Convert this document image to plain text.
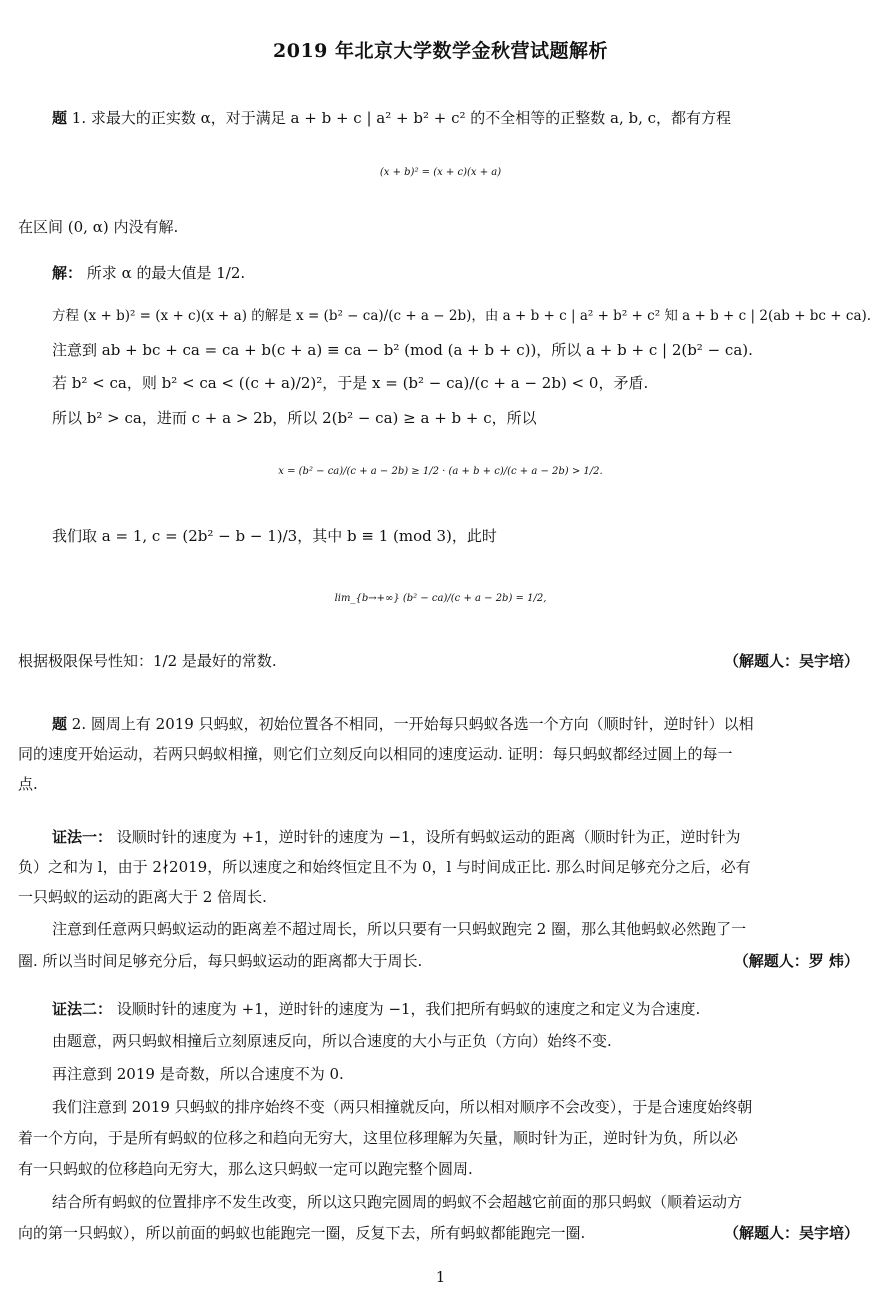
2019 年北京大学数学金秋营试题解析
题 1. 求最大的正实数 α，对于满足 a + b + c | a² + b² + c² 的不全相等的正整数 a, b, c，都有方程
(x + b)² = (x + c)(x + a)
在区间 (0, α) 内没有解.
解： 所求 α 的最大值是 1/2.
方程 (x + b)² = (x + c)(x + a) 的解是 x = (b² − ca)/(c + a − 2b)，由 a + b + c | a² + b² + c² 知 a + b + c | 2(ab + bc + ca).
注意到 ab + bc + ca = ca + b(c + a) ≡ ca − b² (mod (a + b + c))，所以 a + b + c | 2(b² − ca).
若 b² < ca，则 b² < ca < ((c + a)/2)²，于是 x = (b² − ca)/(c + a − 2b) < 0，矛盾.
所以 b² > ca，进而 c + a > 2b，所以 2(b² − ca) ≥ a + b + c，所以
x = (b² − ca)/(c + a − 2b) ≥ 1/2 · (a + b + c)/(c + a − 2b) > 1/2.
我们取 a = 1, c = (2b² − b − 1)/3，其中 b ≡ 1 (mod 3)，此时
lim_{b→+∞} (b² − ca)/(c + a − 2b) = 1/2,
根据极限保号性知：1/2 是最好的常数.	（解题人：吴宇培）
题 2. 圆周上有 2019 只蚂蚁，初始位置各不相同，一开始每只蚂蚁各选一个方向（顺时针，逆时针）以相
同的速度开始运动，若两只蚂蚁相撞，则它们立刻反向以相同的速度运动. 证明：每只蚂蚁都经过圆上的每一
点.
证法一： 设顺时针的速度为 +1，逆时针的速度为 −1，设所有蚂蚁运动的距离（顺时针为正，逆时针为
负）之和为 l，由于 2∤2019，所以速度之和始终恒定且不为 0，l 与时间成正比. 那么时间足够充分之后，必有
一只蚂蚁的运动的距离大于 2 倍周长.
注意到任意两只蚂蚁运动的距离差不超过周长，所以只要有一只蚂蚁跑完 2 圈，那么其他蚂蚁必然跑了一
圈. 所以当时间足够充分后，每只蚂蚁运动的距离都大于周长.	（解题人：罗 炜）
证法二： 设顺时针的速度为 +1，逆时针的速度为 −1，我们把所有蚂蚁的速度之和定义为合速度.
由题意，两只蚂蚁相撞后立刻原速反向，所以合速度的大小与正负（方向）始终不变.
再注意到 2019 是奇数，所以合速度不为 0.
我们注意到 2019 只蚂蚁的排序始终不变（两只相撞就反向，所以相对顺序不会改变），于是合速度始终朝
着一个方向，于是所有蚂蚁的位移之和趋向无穷大，这里位移理解为矢量，顺时针为正，逆时针为负，所以必
有一只蚂蚁的位移趋向无穷大，那么这只蚂蚁一定可以跑完整个圆周.
结合所有蚂蚁的位置排序不发生改变，所以这只跑完圆周的蚂蚁不会超越它前面的那只蚂蚁（顺着运动方
向的第一只蚂蚁），所以前面的蚂蚁也能跑完一圈，反复下去，所有蚂蚁都能跑完一圈.	（解题人：吴宇培）
1
